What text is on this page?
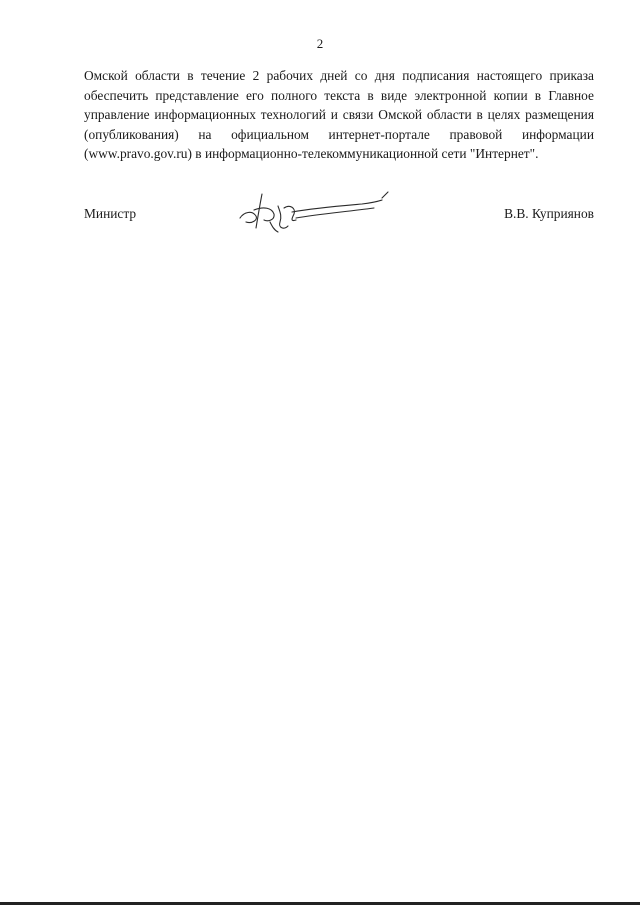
2

Омской области в течение 2 рабочих дней со дня подписания настоящего приказа обеспечить представление его полного текста в виде электронной копии в Главное управление информационных технологий и связи Омской области в целях размещения (опубликования) на официальном интернет-портале правовой информации (www.pravo.gov.ru) в информационно-телекоммуникационной сети "Интернет".

Министр	В.В. Куприянов
